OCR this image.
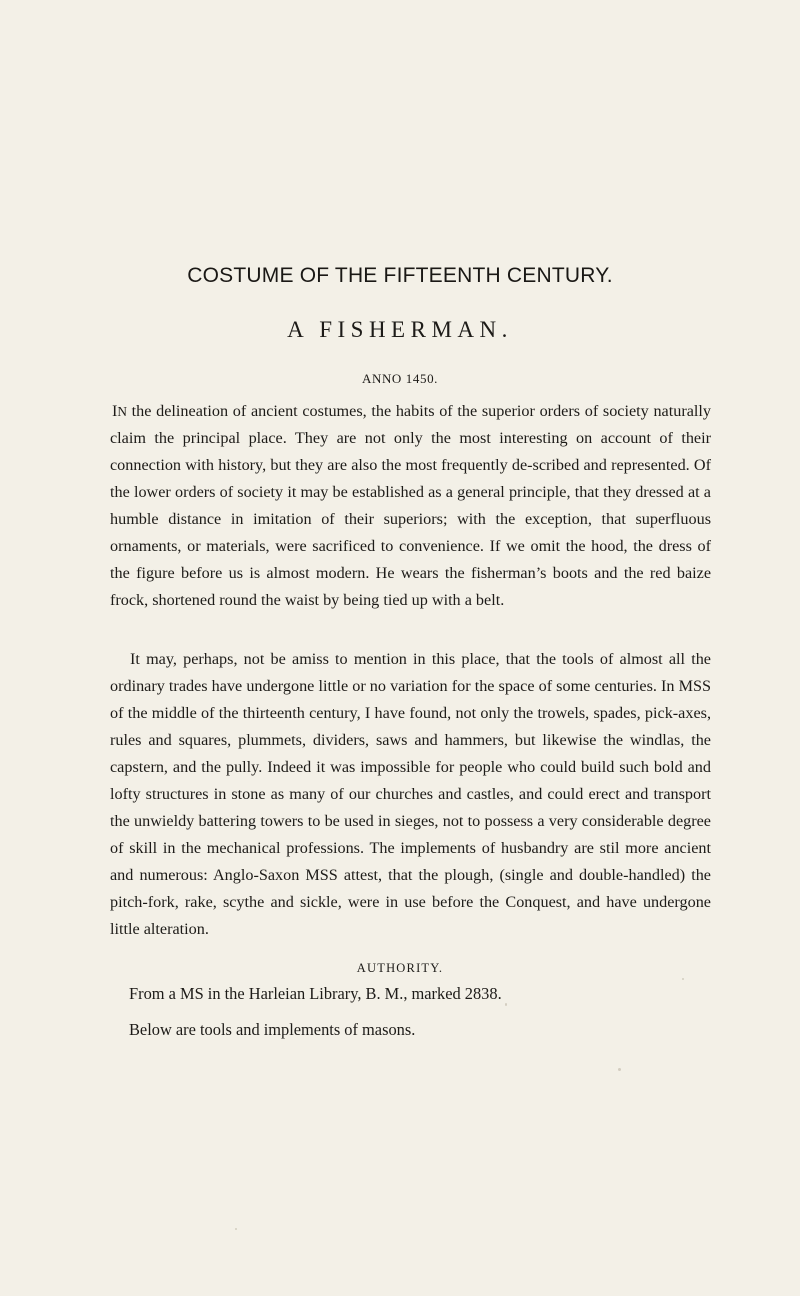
COSTUME OF THE FIFTEENTH CENTURY.
A FISHERMAN.
ANNO 1450.

IN the delineation of ancient costumes, the habits of the superior orders of society naturally claim the principal place. They are not only the most interesting on account of their connection with history, but they are also the most frequently de-scribed and represented. Of the lower orders of society it may be established as a general principle, that they dressed at a humble distance in imitation of their superiors; with the exception, that superfluous ornaments, or materials, were sacrificed to convenience. If we omit the hood, the dress of the figure before us is almost modern. He wears the fisherman’s boots and the red baize frock, shortened round the waist by being tied up with a belt.

It may, perhaps, not be amiss to mention in this place, that the tools of almost all the ordinary trades have undergone little or no variation for the space of some centuries. In MSS of the middle of the thirteenth century, I have found, not only the trowels, spades, pick-axes, rules and squares, plummets, dividers, saws and hammers, but likewise the windlas, the capstern, and the pully. Indeed it was impossible for people who could build such bold and lofty structures in stone as many of our churches and castles, and could erect and transport the unwieldy battering towers to be used in sieges, not to possess a very considerable degree of skill in the mechanical professions. The implements of husbandry are stil more ancient and numerous: Anglo-Saxon MSS attest, that the plough, (single and double-handled) the pitch-fork, rake, scythe and sickle, were in use before the Conquest, and have undergone little alteration.

AUTHORITY.
From a MS in the Harleian Library, B. M., marked 2838.
Below are tools and implements of masons.
